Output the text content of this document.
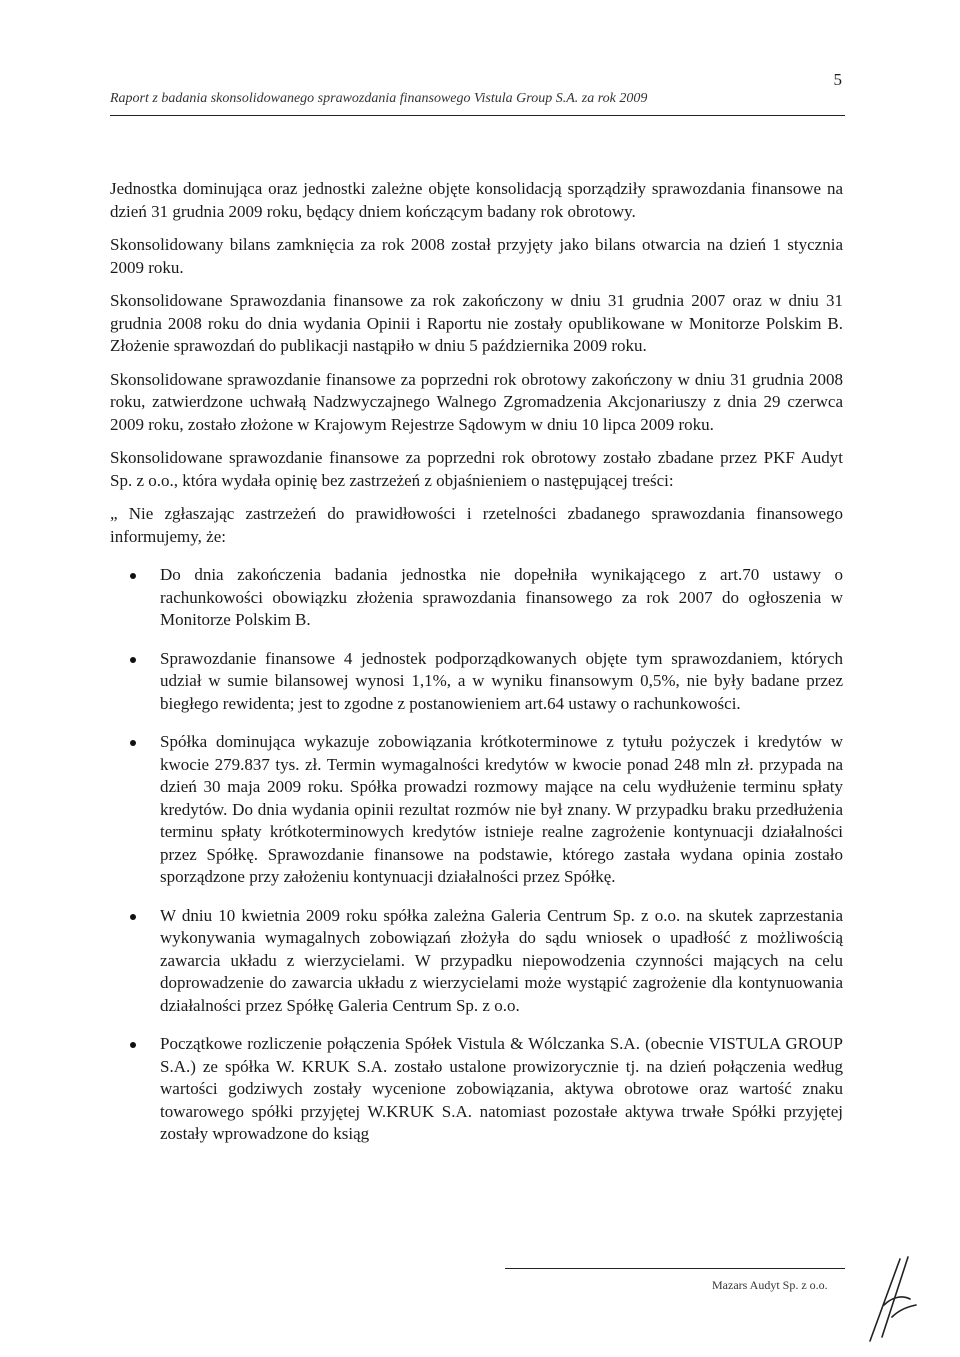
5
Raport z badania skonsolidowanego sprawozdania finansowego Vistula Group S.A. za rok 2009

Jednostka dominująca oraz jednostki zależne objęte konsolidacją sporządziły sprawozdania finansowe na dzień 31 grudnia 2009 roku, będący dniem kończącym badany rok obrotowy.

Skonsolidowany bilans zamknięcia za rok 2008 został przyjęty jako bilans otwarcia na dzień 1 stycznia 2009 roku.

Skonsolidowane Sprawozdania finansowe za rok zakończony w dniu 31 grudnia 2007 oraz w dniu 31 grudnia 2008 roku do dnia wydania Opinii i Raportu nie zostały opublikowane w Monitorze Polskim B. Złożenie sprawozdań do publikacji nastąpiło w dniu 5 października 2009 roku.

Skonsolidowane sprawozdanie finansowe za poprzedni rok obrotowy zakończony w dniu 31 grudnia 2008 roku, zatwierdzone uchwałą Nadzwyczajnego Walnego Zgromadzenia Akcjonariuszy z dnia 29 czerwca 2009 roku, zostało złożone w Krajowym Rejestrze Sądowym w dniu 10 lipca 2009 roku.

Skonsolidowane sprawozdanie finansowe za poprzedni rok obrotowy zostało zbadane przez PKF Audyt Sp. z o.o., która wydała opinię bez zastrzeżeń z objaśnieniem o następującej treści:

„ Nie zgłaszając zastrzeżeń do prawidłowości i rzetelności zbadanego sprawozdania finansowego informujemy, że:

Do dnia zakończenia badania jednostka nie dopełniła wynikającego z art.70 ustawy o rachunkowości obowiązku złożenia sprawozdania finansowego za rok 2007 do ogłoszenia w Monitorze Polskim B.
Sprawozdanie finansowe 4 jednostek podporządkowanych objęte tym sprawozdaniem, których udział w sumie bilansowej wynosi 1,1%, a w wyniku finansowym 0,5%, nie były badane przez biegłego rewidenta; jest to zgodne z postanowieniem art.64 ustawy o rachunkowości.
Spółka dominująca wykazuje zobowiązania krótkoterminowe z tytułu pożyczek i kredytów w kwocie 279.837 tys. zł. Termin wymagalności kredytów w kwocie ponad 248 mln zł. przypada na dzień 30 maja 2009 roku. Spółka prowadzi rozmowy mające na celu wydłużenie terminu spłaty kredytów. Do dnia wydania opinii rezultat rozmów nie był znany. W przypadku braku przedłużenia terminu spłaty krótkoterminowych kredytów istnieje realne zagrożenie kontynuacji działalności przez Spółkę. Sprawozdanie finansowe na podstawie, którego zastała wydana opinia zostało sporządzone przy założeniu kontynuacji działalności przez Spółkę.
W dniu 10 kwietnia 2009 roku spółka zależna Galeria Centrum Sp. z o.o. na skutek zaprzestania wykonywania wymagalnych zobowiązań złożyła do sądu wniosek o upadłość z możliwością zawarcia układu z wierzycielami. W przypadku niepowodzenia czynności mających na celu doprowadzenie do zawarcia układu z wierzycielami może wystąpić zagrożenie dla kontynuowania działalności przez Spółkę Galeria Centrum Sp. z o.o.
Początkowe rozliczenie połączenia Spółek Vistula & Wólczanka S.A. (obecnie VISTULA GROUP S.A.) ze spółka W. KRUK S.A. zostało ustalone prowizorycznie tj. na dzień połączenia według wartości godziwych zostały wycenione zobowiązania, aktywa obrotowe oraz wartość znaku towarowego spółki przyjętej W.KRUK S.A. natomiast pozostałe aktywa trwałe Spółki przyjętej zostały wprowadzone do ksiąg
Mazars Audyt Sp. z o.o.
